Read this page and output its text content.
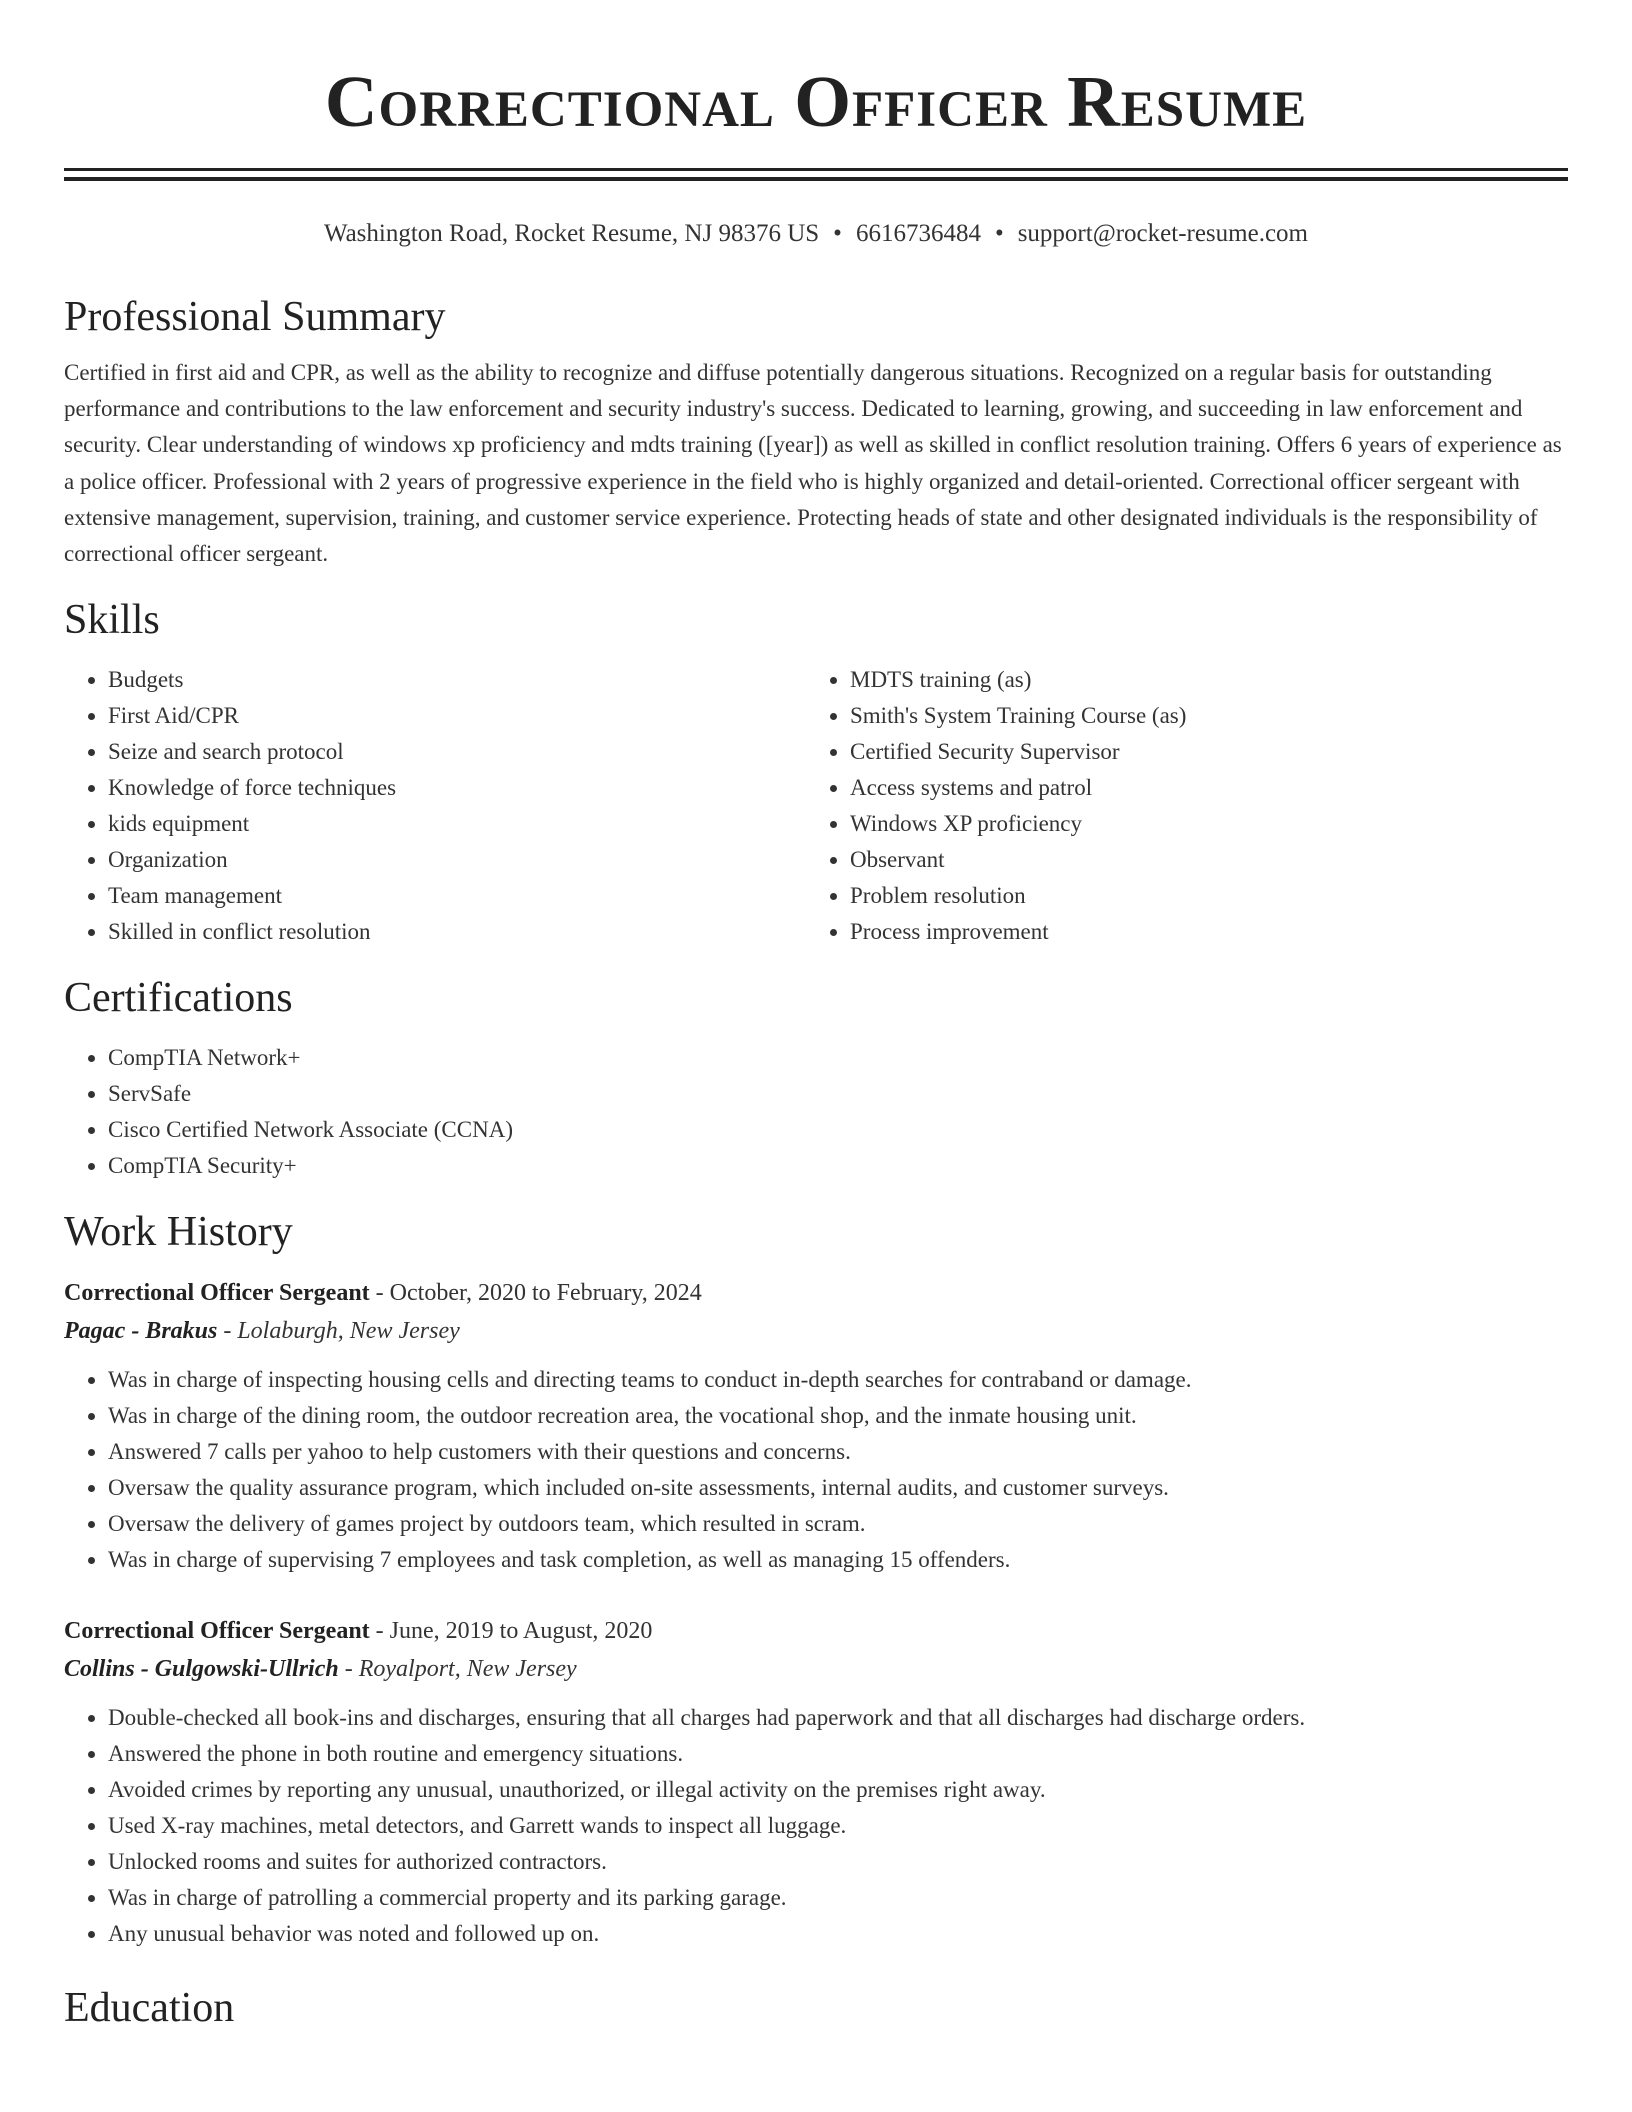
Correctional Officer Resume
Washington Road, Rocket Resume, NJ 98376 US • 6616736484 • support@rocket-resume.com
Professional Summary

Certified in first aid and CPR, as well as the ability to recognize and diffuse potentially dangerous situations. Recognized on a regular basis for outstanding performance and contributions to the law enforcement and security industry's success. Dedicated to learning, growing, and succeeding in law enforcement and security. Clear understanding of windows xp proficiency and mdts training ([year]) as well as skilled in conflict resolution training. Offers 6 years of experience as a police officer. Professional with 2 years of progressive experience in the field who is highly organized and detail-oriented. Correctional officer sergeant with extensive management, supervision, training, and customer service experience. Protecting heads of state and other designated individuals is the responsibility of correctional officer sergeant.

Skills
• Budgets
• First Aid/CPR
• Seize and search protocol
• Knowledge of force techniques
• kids equipment
• Organization
• Team management
• Skilled in conflict resolution
• MDTS training (as)
• Smith's System Training Course (as)
• Certified Security Supervisor
• Access systems and patrol
• Windows XP proficiency
• Observant
• Problem resolution
• Process improvement
Certifications
• CompTIA Network+
• ServSafe
• Cisco Certified Network Associate (CCNA)
• CompTIA Security+
Work History
Correctional Officer Sergeant - October, 2020 to February, 2024
Pagac - Brakus - Lolaburgh, New Jersey
• Was in charge of inspecting housing cells and directing teams to conduct in-depth searches for contraband or damage.
• Was in charge of the dining room, the outdoor recreation area, the vocational shop, and the inmate housing unit.
• Answered 7 calls per yahoo to help customers with their questions and concerns.
• Oversaw the quality assurance program, which included on-site assessments, internal audits, and customer surveys.
• Oversaw the delivery of games project by outdoors team, which resulted in scram.
• Was in charge of supervising 7 employees and task completion, as well as managing 15 offenders.
Correctional Officer Sergeant - June, 2019 to August, 2020
Collins - Gulgowski-Ullrich - Royalport, New Jersey
• Double-checked all book-ins and discharges, ensuring that all charges had paperwork and that all discharges had discharge orders.
• Answered the phone in both routine and emergency situations.
• Avoided crimes by reporting any unusual, unauthorized, or illegal activity on the premises right away.
• Used X-ray machines, metal detectors, and Garrett wands to inspect all luggage.
• Unlocked rooms and suites for authorized contractors.
• Was in charge of patrolling a commercial property and its parking garage.
• Any unusual behavior was noted and followed up on.
Education
